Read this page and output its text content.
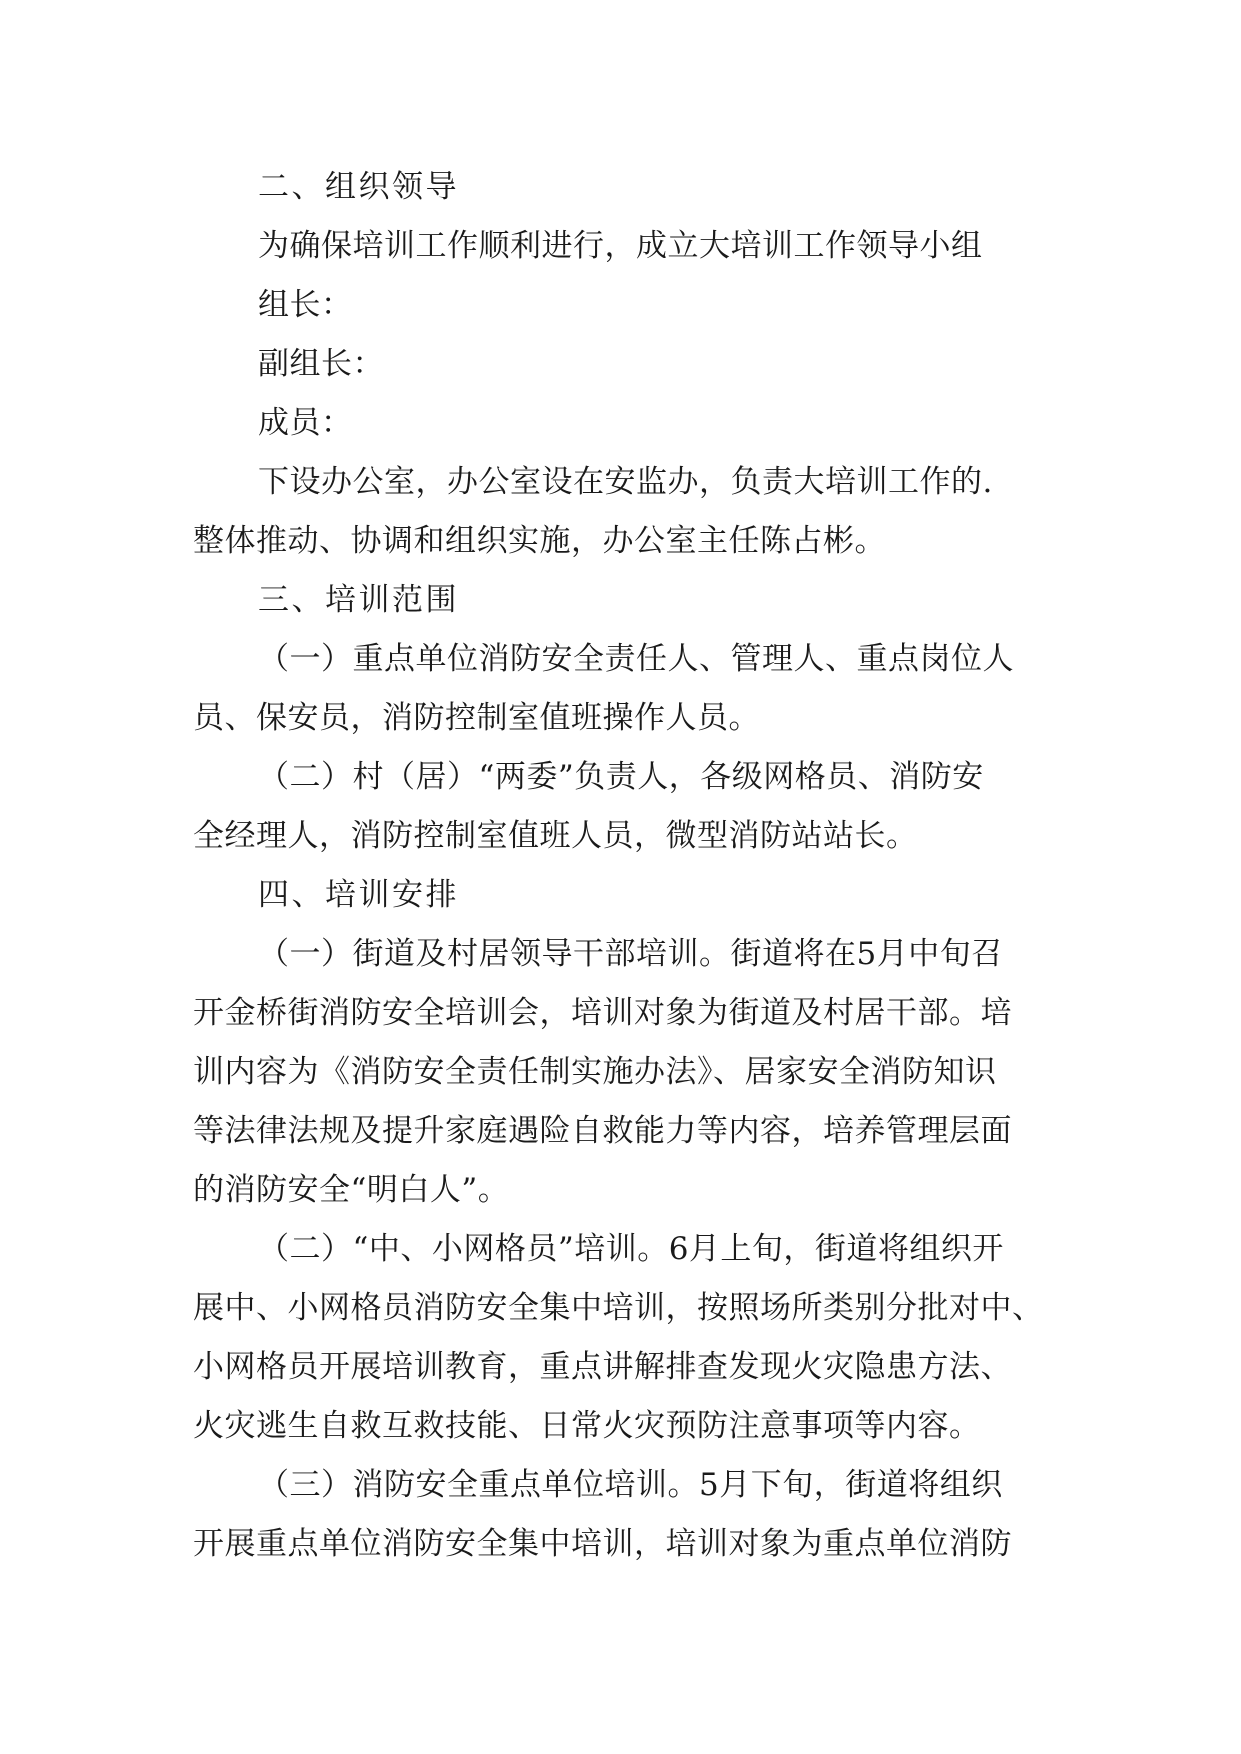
二、组织领导
为确保培训工作顺利进行，成立大培训工作领导小组
组长：
副组长：
成员：
下设办公室，办公室设在安监办，负责大培训工作的.
整体推动、协调和组织实施，办公室主任陈占彬。
三、培训范围
（一）重点单位消防安全责任人、管理人、重点岗位人
员、保安员，消防控制室值班操作人员。
（二）村（居）“两委”负责人，各级网格员、消防安
全经理人，消防控制室值班人员，微型消防站站长。
四、培训安排
（一）街道及村居领导干部培训。街道将在5月中旬召
开金桥街消防安全培训会，培训对象为街道及村居干部。培
训内容为《消防安全责任制实施办法》、居家安全消防知识
等法律法规及提升家庭遇险自救能力等内容，培养管理层面
的消防安全“明白人”。
（二）“中、小网格员”培训。6月上旬，街道将组织开
展中、小网格员消防安全集中培训，按照场所类别分批对中、
小网格员开展培训教育，重点讲解排查发现火灾隐患方法、
火灾逃生自救互救技能、日常火灾预防注意事项等内容。
（三）消防安全重点单位培训。5月下旬，街道将组织
开展重点单位消防安全集中培训，培训对象为重点单位消防
